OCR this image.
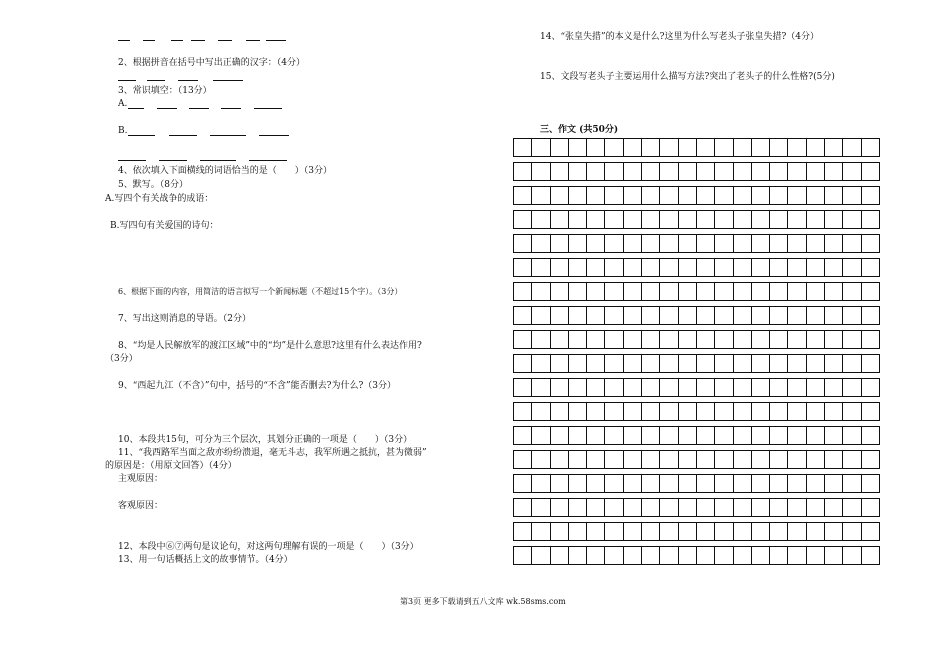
2、根据拼音在括号中写出正确的汉字：（4分）
3、常识填空：（13分）
A.
B.
4、依次填入下面横线的词语恰当的是（　　）（3分）
5、默写。（8分）
A.写四个有关战争的成语：
B.写四句有关爱国的诗句：
6、根据下面的内容，用简洁的语言拟写一个新闻标题（不超过15个字）。（3分）
7、写出这则消息的导语。（2分）
8、“均是人民解放军的渡江区域”中的“均”是什么意思?这里有什么表达作用?
（3分）
9、“西起九江（不含）”句中，括号的“不含”能否删去?为什么?（3分）
10、本段共15句，可分为三个层次，其划分正确的一项是（　　）（3分）
11、“我西路军当面之敌亦纷纷溃退，毫无斗志，我军所遇之抵抗，甚为微弱”
的原因是：（用原文回答）（4分）
主观原因：
客观原因：
12、本段中⑥⑦两句是议论句，对这两句理解有误的一项是（　　）（3分）
13、用一句话概括上文的故事情节。（4分）
14、“张皇失措”的本义是什么?这里为什么写老头子张皇失措?（4分）
15、文段写老头子主要运用什么描写方法?突出了老头子的什么性格?(5分)
三、作文 (共50分)
第3页 更多下载请到五八文库 wk.58sms.com
